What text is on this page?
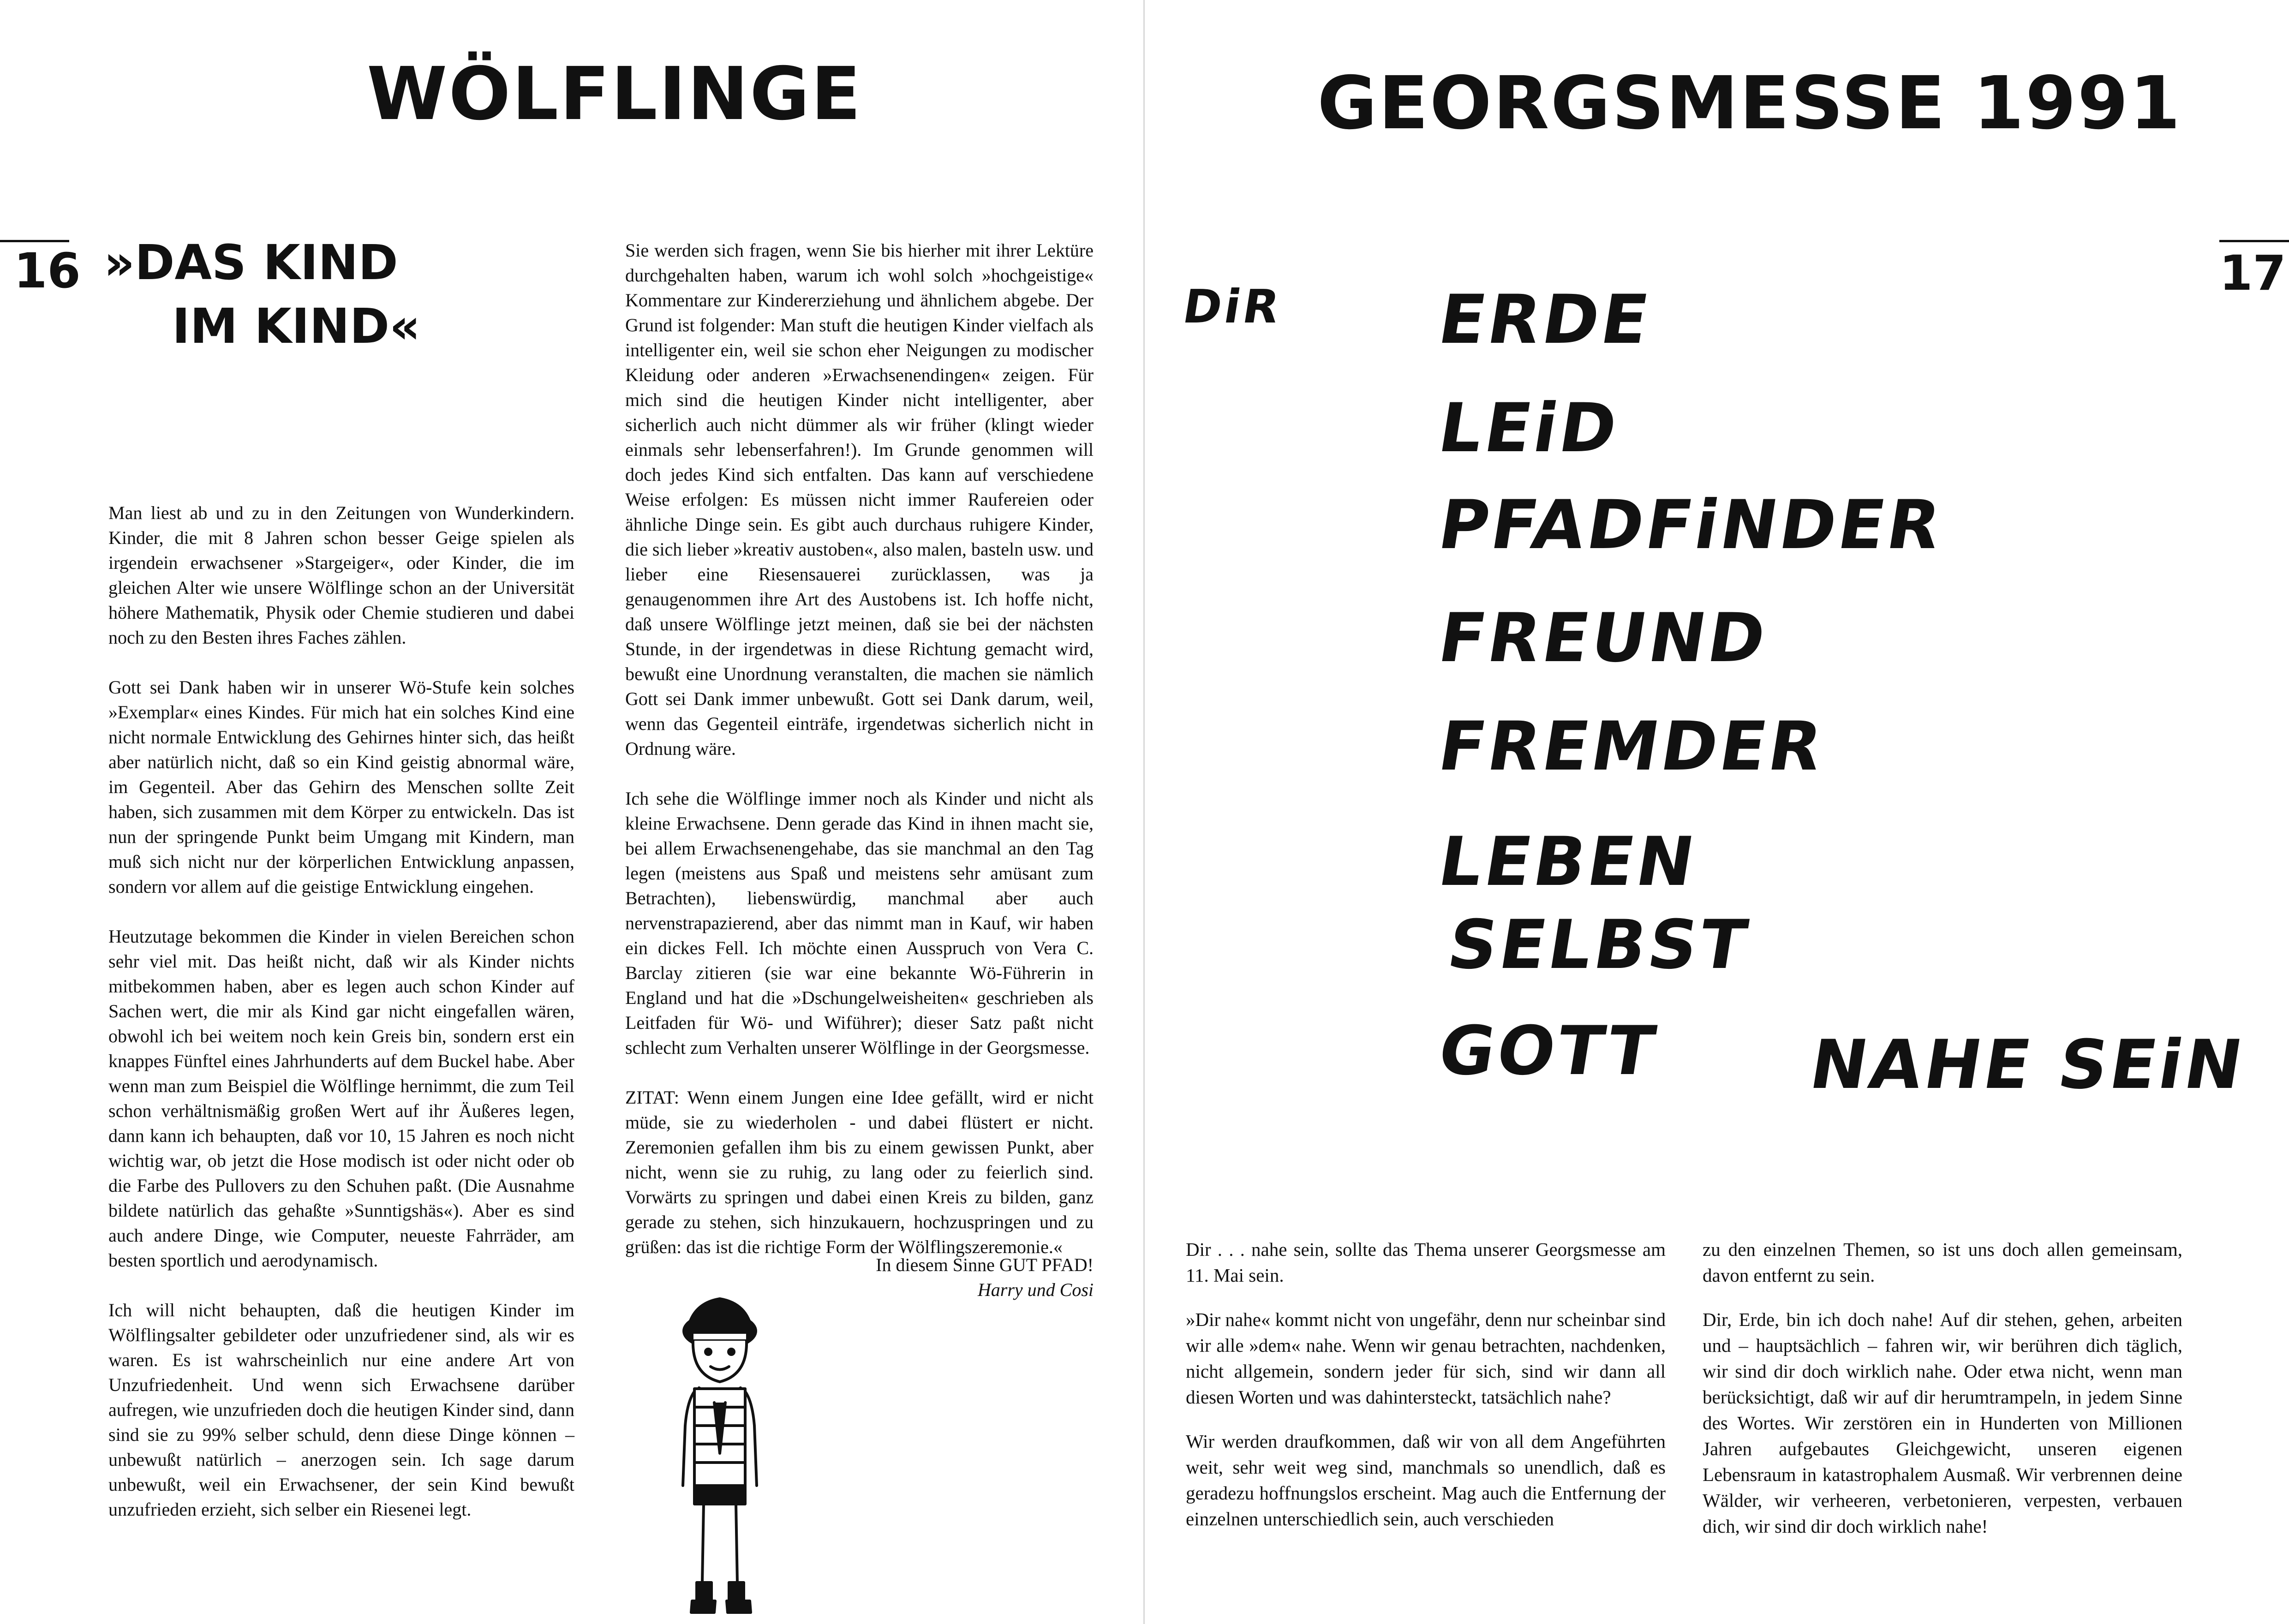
WÖLFLINGE
16 »DAS KIND
IM KIND«

Man liest ab und zu in den Zeitungen von Wunderkindern. Kinder, die mit 8 Jahren schon besser Geige spielen als irgendein erwachsener »Stargeiger«, oder Kinder, die im gleichen Alter wie unsere Wölflinge schon an der Universität höhere Mathematik, Physik oder Chemie studieren und dabei noch zu den Besten ihres Faches zählen.

Gott sei Dank haben wir in unserer Wö-Stufe kein solches »Exemplar« eines Kindes. Für mich hat ein solches Kind eine nicht normale Entwicklung des Gehirnes hinter sich, das heißt aber natürlich nicht, daß so ein Kind geistig abnormal wäre, im Gegenteil. Aber das Gehirn des Menschen sollte Zeit haben, sich zusammen mit dem Körper zu entwickeln. Das ist nun der springende Punkt beim Umgang mit Kindern, man muß sich nicht nur der körperlichen Entwicklung anpassen, sondern vor allem auf die geistige Entwicklung eingehen.

Heutzutage bekommen die Kinder in vielen Bereichen schon sehr viel mit. Das heißt nicht, daß wir als Kinder nichts mitbekommen haben, aber es legen auch schon Kinder auf Sachen wert, die mir als Kind gar nicht eingefallen wären, obwohl ich bei weitem noch kein Greis bin, sondern erst ein knappes Fünftel eines Jahrhunderts auf dem Buckel habe. Aber wenn man zum Beispiel die Wölflinge hernimmt, die zum Teil schon verhältnismäßig großen Wert auf ihr Äußeres legen, dann kann ich behaupten, daß vor 10, 15 Jahren es noch nicht wichtig war, ob jetzt die Hose modisch ist oder nicht oder ob die Farbe des Pullovers zu den Schuhen paßt. (Die Ausnahme bildete natürlich das gehaßte »Sunntigshäs«). Aber es sind auch andere Dinge, wie Computer, neueste Fahrräder, am besten sportlich und aerodynamisch.

Ich will nicht behaupten, daß die heutigen Kinder im Wölflingsalter gebildeter oder unzufriedener sind, als wir es waren. Es ist wahrscheinlich nur eine andere Art von Unzufriedenheit. Und wenn sich Erwachsene darüber aufregen, wie unzufrieden doch die heutigen Kinder sind, dann sind sie zu 99% selber schuld, denn diese Dinge können – unbewußt natürlich – anerzogen sein. Ich sage darum unbewußt, weil ein Erwachsener, der sein Kind bewußt unzufrieden erzieht, sich selber ein Riesenei legt.

Sie werden sich fragen, wenn Sie bis hierher mit ihrer Lektüre durchgehalten haben, warum ich wohl solch »hochgeistige« Kommentare zur Kindererziehung und ähnlichem abgebe. Der Grund ist folgender: Man stuft die heutigen Kinder vielfach als intelligenter ein, weil sie schon eher Neigungen zu modischer Kleidung oder anderen »Erwachsenendingen« zeigen. Für mich sind die heutigen Kinder nicht intelligenter, aber sicherlich auch nicht dümmer als wir früher (klingt wieder einmals sehr lebenserfahren!). Im Grunde genommen will doch jedes Kind sich entfalten. Das kann auf verschiedene Weise erfolgen: Es müssen nicht immer Raufereien oder ähnliche Dinge sein. Es gibt auch durchaus ruhigere Kinder, die sich lieber »kreativ austoben«, also malen, basteln usw. und lieber eine Riesensauerei zurücklassen, was ja genaugenommen ihre Art des Austobens ist. Ich hoffe nicht, daß unsere Wölflinge jetzt meinen, daß sie bei der nächsten Stunde, in der irgendetwas in diese Richtung gemacht wird, bewußt eine Unordnung veranstalten, die machen sie nämlich Gott sei Dank immer unbewußt. Gott sei Dank darum, weil, wenn das Gegenteil einträfe, irgendetwas sicherlich nicht in Ordnung wäre.

Ich sehe die Wölflinge immer noch als Kinder und nicht als kleine Erwachsene. Denn gerade das Kind in ihnen macht sie, bei allem Erwachsenengehabe, das sie manchmal an den Tag legen (meistens aus Spaß und meistens sehr amüsant zum Betrachten), liebenswürdig, manchmal aber auch nervenstrapazierend, aber das nimmt man in Kauf, wir haben ein dickes Fell. Ich möchte einen Ausspruch von Vera C. Barclay zitieren (sie war eine bekannte Wö-Führerin in England und hat die »Dschungelweisheiten« geschrieben als Leitfaden für Wö- und Wiführer); dieser Satz paßt nicht schlecht zum Verhalten unserer Wölflinge in der Georgsmesse.

ZITAT: Wenn einem Jungen eine Idee gefällt, wird er nicht müde, sie zu wiederholen - und dabei flüstert er nicht. Zeremonien gefallen ihm bis zu einem gewissen Punkt, aber nicht, wenn sie zu ruhig, zu lang oder zu feierlich sind. Vorwärts zu springen und dabei einen Kreis zu bilden, ganz gerade zu stehen, sich hinzukauern, hochzuspringen und zu grüßen: das ist die richtige Form der Wölflingszeremonie.«

In diesem Sinne GUT PFAD!
Harry und Cosi
GEORGSMESSE 1991
17
DiR ERDE
LEiD
PFADFiNDER
FREUND
FREMDER
LEBEN
SELBST
GOTT NAHE SEiN

Dir . . . nahe sein, sollte das Thema unserer Georgsmesse am 11. Mai sein.

»Dir nahe« kommt nicht von ungefähr, denn nur scheinbar sind wir alle »dem« nahe. Wenn wir genau betrachten, nachdenken, nicht allgemein, sondern jeder für sich, sind wir dann all diesen Worten und was dahintersteckt, tatsächlich nahe?

Wir werden draufkommen, daß wir von all dem Angeführten weit, sehr weit weg sind, manchmals so unendlich, daß es geradezu hoffnungslos erscheint. Mag auch die Entfernung der einzelnen unterschiedlich sein, auch verschieden

zu den einzelnen Themen, so ist uns doch allen gemeinsam, davon entfernt zu sein.

Dir, Erde, bin ich doch nahe! Auf dir stehen, gehen, arbeiten und – hauptsächlich – fahren wir, wir berühren dich täglich, wir sind dir doch wirklich nahe. Oder etwa nicht, wenn man berücksichtigt, daß wir auf dir herumtrampeln, in jedem Sinne des Wortes. Wir zerstören ein in Hunderten von Millionen Jahren aufgebautes Gleichgewicht, unseren eigenen Lebensraum in katastrophalem Ausmaß. Wir verbrennen deine Wälder, wir verheeren, verbetonieren, verpesten, verbauen dich, wir sind dir doch wirklich nahe!
